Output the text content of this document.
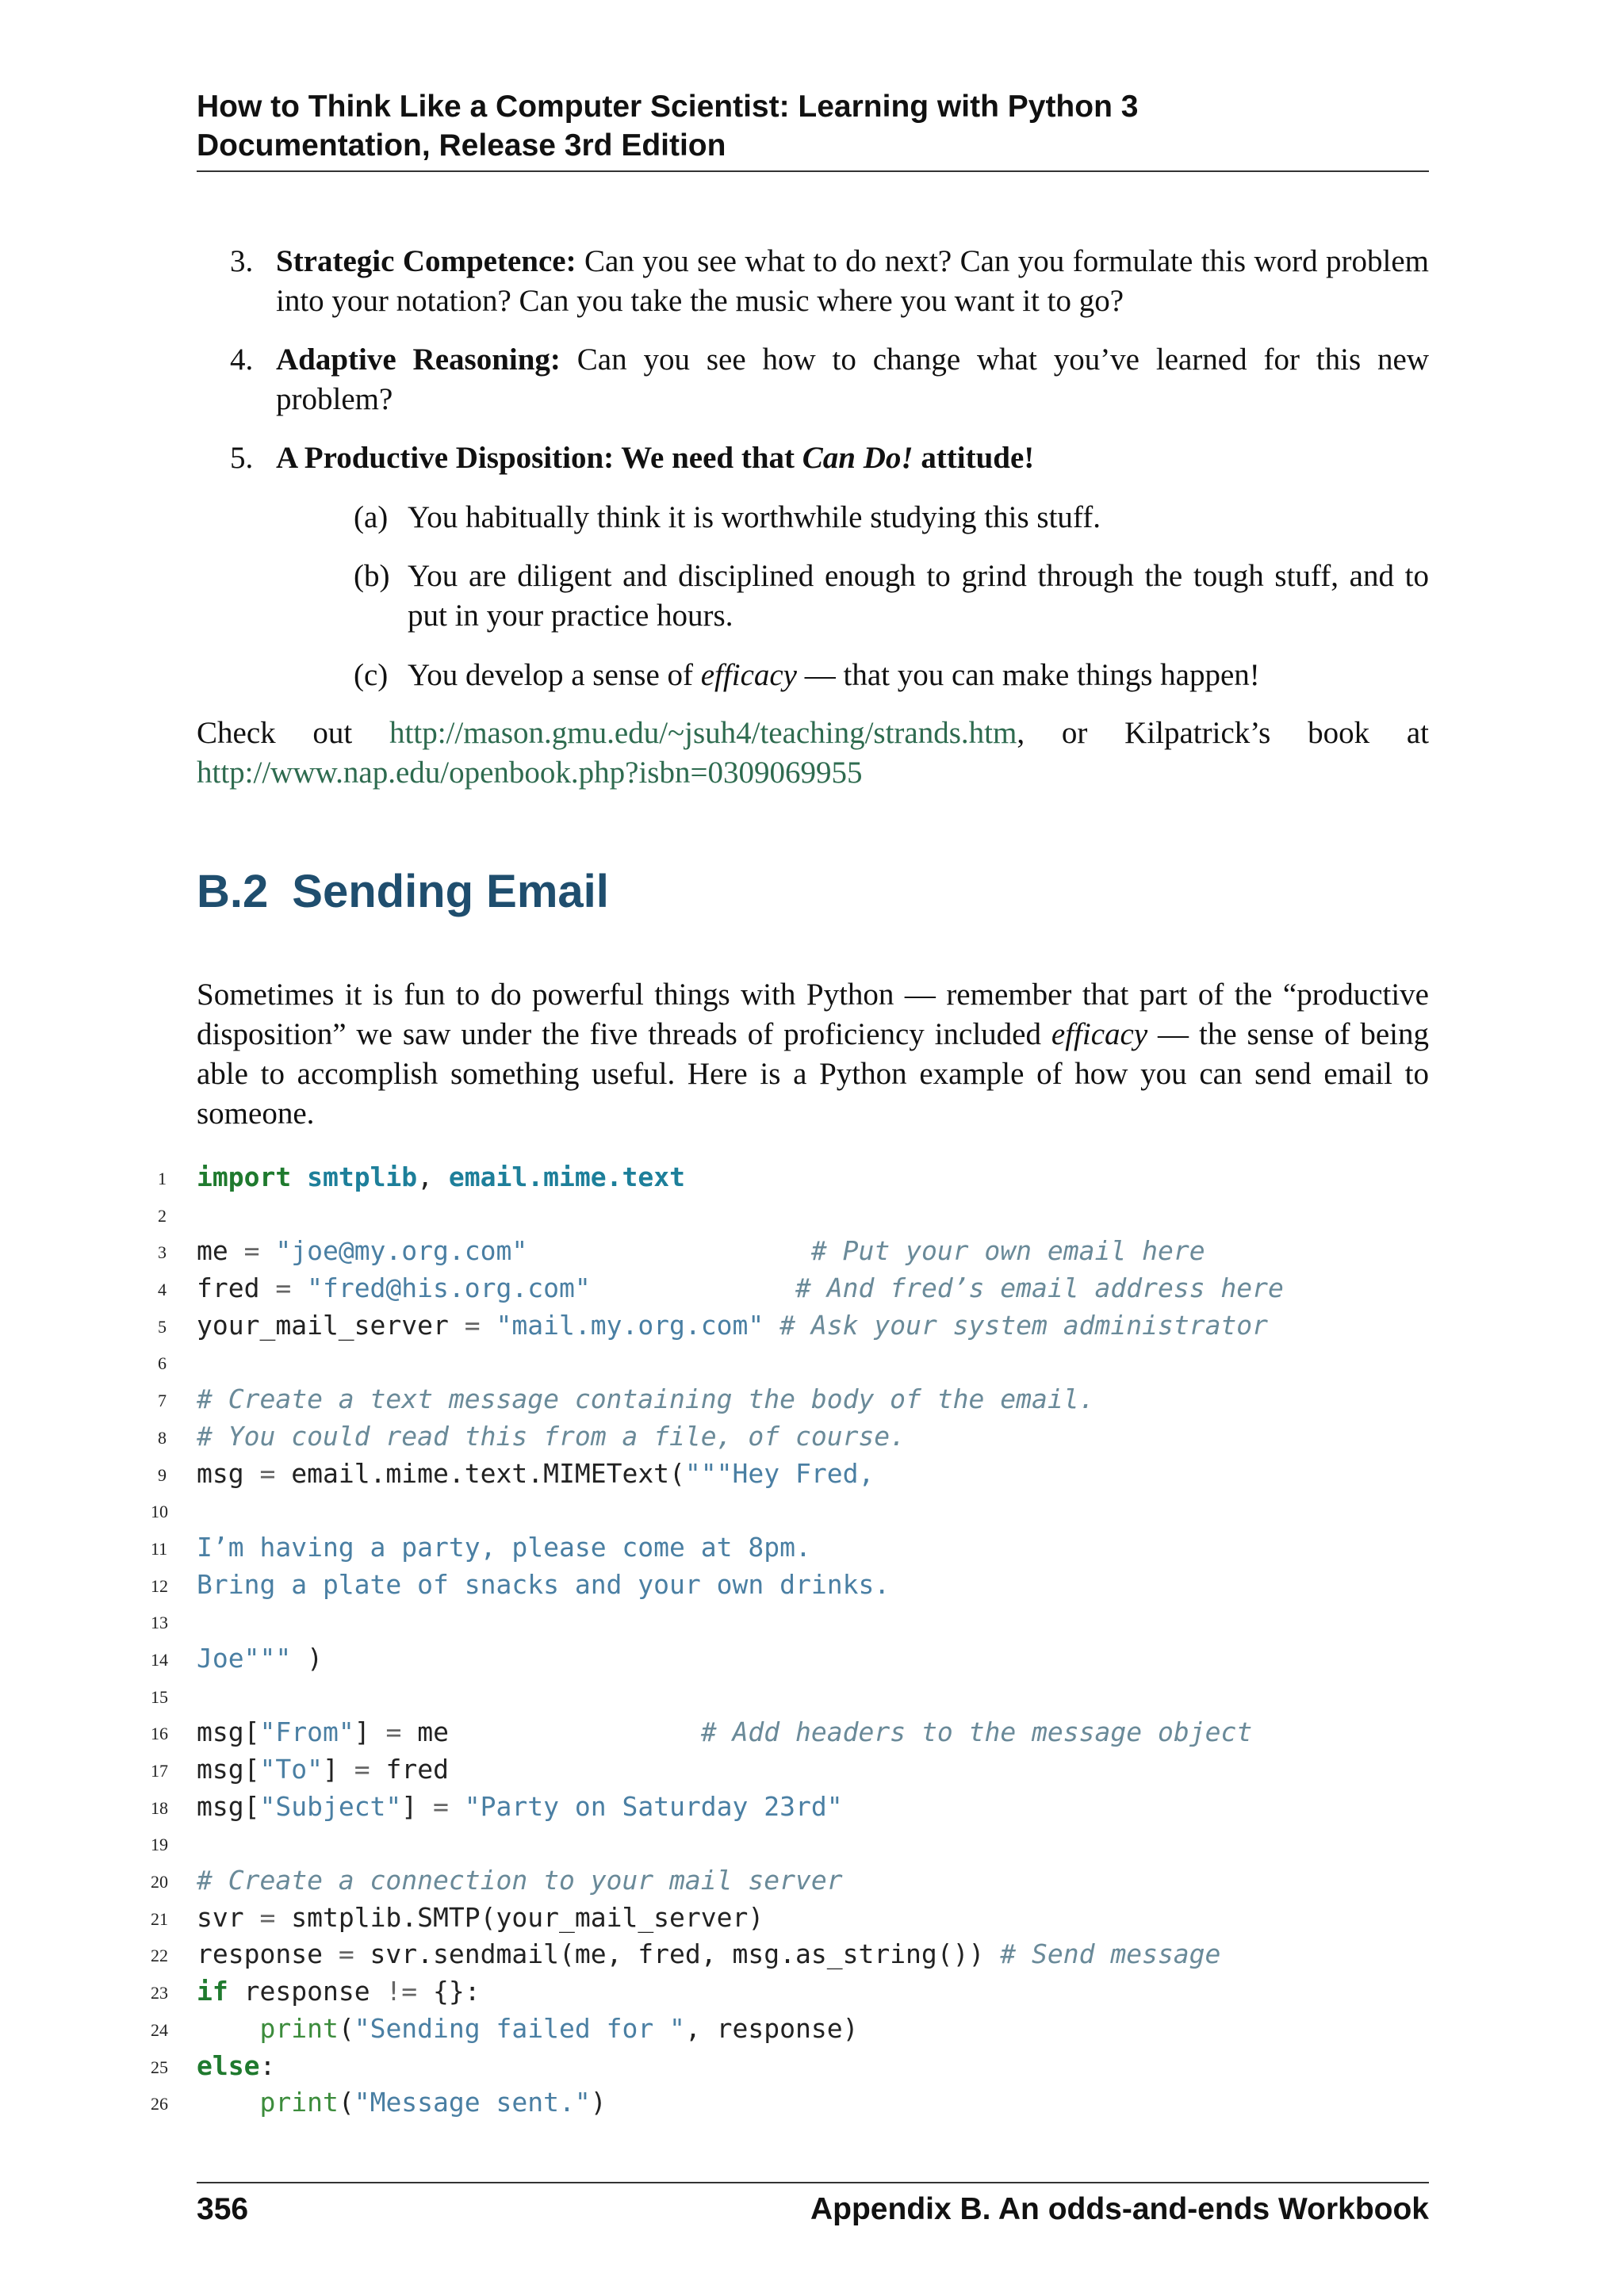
How to Think Like a Computer Scientist: Learning with Python 3
Documentation, Release 3rd Edition
3. Strategic Competence: Can you see what to do next? Can you formulate this word problem into your notation? Can you take the music where you want it to go?
4. Adaptive Reasoning: Can you see how to change what you’ve learned for this new problem?
5. A Productive Disposition: We need that Can Do! attitude!
(a) You habitually think it is worthwhile studying this stuff.
(b) You are diligent and disciplined enough to grind through the tough stuff, and to put in your practice hours.
(c) You develop a sense of efficacy — that you can make things happen!
Check out http://mason.gmu.edu/~jsuh4/teaching/strands.htm, or Kilpatrick’s book at
http://www.nap.edu/openbook.php?isbn=0309069955
B.2 Sending Email
Sometimes it is fun to do powerful things with Python — remember that part of the “productive disposition” we saw under the five threads of proficiency included efficacy — the sense of being able to accomplish something useful. Here is a Python example of how you can send email to someone.
1 import smtplib, email.mime.text
2
3 me = "joe@my.org.com"	# Put your own email here
4 fred = "fred@his.org.com"	# And fred’s email address here
5 your_mail_server = "mail.my.org.com" # Ask your system administrator
6
7 # Create a text message containing the body of the email.
8 # You could read this from a file, of course.
9 msg = email.mime.text.MIMEText("""Hey Fred,
10
11 I’m having a party, please come at 8pm.
12 Bring a plate of snacks and your own drinks.
13
14 Joe""" )
15
16 msg["From"] = me	# Add headers to the message object
17 msg["To"] = fred
18 msg["Subject"] = "Party on Saturday 23rd"
19
20 # Create a connection to your mail server
21 svr = smtplib.SMTP(your_mail_server)
22 response = svr.sendmail(me, fred, msg.as_string()) # Send message
23 if response != {}:
24	print("Sending failed for ", response)
25 else:
26	print("Message sent.")
356	Appendix B. An odds-and-ends Workbook
